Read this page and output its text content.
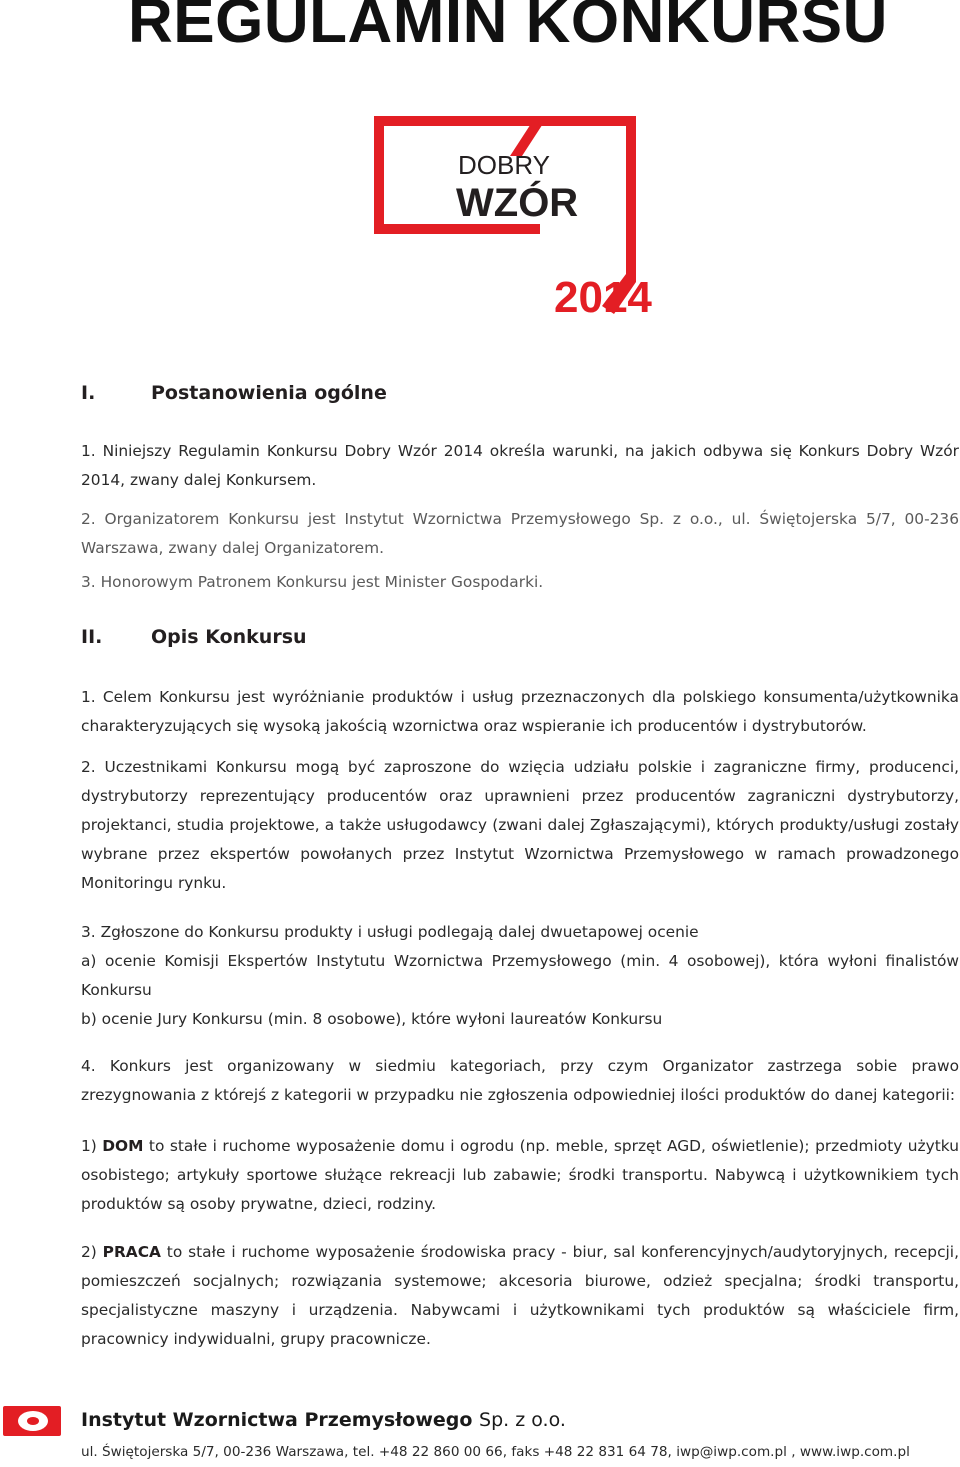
REGULAMIN KONKURSU
DOBRY
WZÓR
2014
I.	Postanowienia ogólne

1. Niniejszy Regulamin Konkursu Dobry Wzór 2014 określa warunki, na jakich odbywa się Konkurs Dobry Wzór 2014, zwany dalej Konkursem.

2. Organizatorem Konkursu jest Instytut Wzornictwa Przemysłowego Sp. z o.o., ul. Świętojerska 5/7, 00-236 Warszawa, zwany dalej Organizatorem.

3. Honorowym Patronem Konkursu jest Minister Gospodarki.

II.	Opis Konkursu

1. Celem Konkursu jest wyróżnianie produktów i usług przeznaczonych dla polskiego konsumenta/użytkownika charakteryzujących się wysoką jakością wzornictwa oraz wspieranie ich producentów i dystrybutorów.

2. Uczestnikami Konkursu mogą być zaproszone do wzięcia udziału polskie i zagraniczne firmy, producenci, dystrybutorzy reprezentujący producentów oraz uprawnieni przez producentów zagraniczni dystrybutorzy, projektanci, studia projektowe, a także usługodawcy (zwani dalej Zgłaszającymi), których produkty/usługi zostały wybrane przez ekspertów powołanych przez Instytut Wzornictwa Przemysłowego w ramach prowadzonego Monitoringu rynku.

3. Zgłoszone do Konkursu produkty i usługi podlegają dalej dwuetapowej ocenie

a) ocenie Komisji Ekspertów Instytutu Wzornictwa Przemysłowego (min. 4 osobowej), która wyłoni finalistów Konkursu

b) ocenie Jury Konkursu (min. 8 osobowe), które wyłoni laureatów Konkursu

4. Konkurs jest organizowany w siedmiu kategoriach, przy czym Organizator zastrzega sobie prawo zrezygnowania z którejś z kategorii w przypadku nie zgłoszenia odpowiedniej ilości produktów do danej kategorii:

1) DOM to stałe i ruchome wyposażenie domu i ogrodu (np. meble, sprzęt AGD, oświetlenie); przedmioty użytku osobistego; artykuły sportowe służące rekreacji lub zabawie; środki transportu. Nabywcą i użytkownikiem tych produktów są osoby prywatne, dzieci, rodziny.

2) PRACA to stałe i ruchome wyposażenie środowiska pracy - biur, sal konferencyjnych/audytoryjnych, recepcji, pomieszczeń socjalnych; rozwiązania systemowe; akcesoria biurowe, odzież specjalna; środki transportu, specjalistyczne maszyny i urządzenia. Nabywcami i użytkownikami tych produktów są właściciele firm, pracownicy indywidualni, grupy pracownicze.

Instytut Wzornictwa Przemysłowego Sp. z o.o.
ul. Świętojerska 5/7, 00-236 Warszawa, tel. +48 22 860 00 66, faks +48 22 831 64 78, iwp@iwp.com.pl , www.iwp.com.pl
